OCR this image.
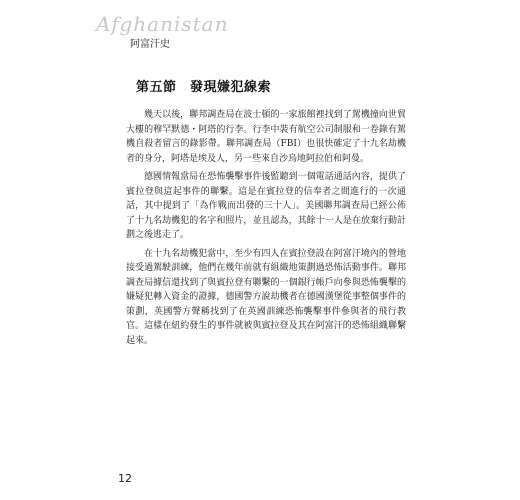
Afghanistan
阿富汗史
第五節　發現嫌犯線索

幾天以後，聯邦調查局在波士頓的一家旅館裡找到了駕機撞向世貿大樓的穆罕默德・阿塔的行李。行李中裝有航空公司制服和一卷錄有駕機自殺者留言的錄影帶。聯邦調查局（FBI）也很快確定了十九名劫機者的身分，阿塔是埃及人，另一些來自沙烏地阿拉伯和阿曼。

德國情報當局在恐怖襲擊事件後監聽到一個電話通話內容，提供了賓拉登與這起事件的聯繫。這是在賓拉登的信奉者之間進行的一次通話，其中提到了「為作戰而出發的三十人」。美國聯邦調查局已經公佈了十九名劫機犯的名字和照片，並且認為，其餘十一人是在放棄行動計劃之後逃走了。

在十九名劫機犯當中，至少有四人在賓拉登設在阿富汗境內的營地接受過駕駛訓練，他們在幾年前就有組織地策劃過恐怖活動事件。聯邦調查局據信還找到了與賓拉登有聯繫的一個銀行帳戶向參與恐怖襲擊的嫌疑犯轉入資金的證據，德國警方說劫機者在德國漢堡從事整個事件的策劃，英國警方聲稱找到了在英國訓練恐怖襲擊事件參與者的飛行教官。這樣在紐約發生的事件就被與賓拉登及其在阿富汗的恐怖組織聯繫起來。

12
